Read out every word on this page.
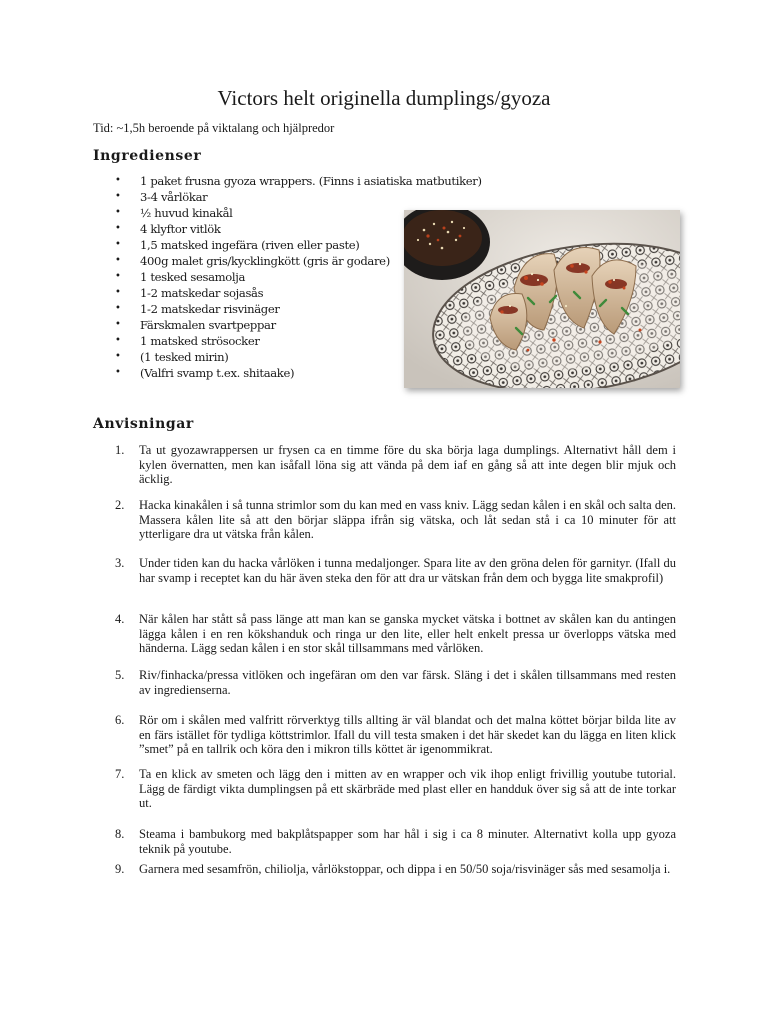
Victors helt originella dumplings/gyoza
Tid: ~1,5h beroende på viktalang och hjälpredor
Ingredienser
• 1 paket frusna gyoza wrappers. (Finns i asiatiska matbutiker)
• 3-4 vårlökar
• ½ huvud kinakål
• 4 klyftor vitlök
• 1,5 matsked ingefära (riven eller paste)
• 400g malet gris/kycklingkött (gris är godare)
• 1 tesked sesamolja
• 1-2 matskedar sojasås
• 1-2 matskedar risvinäger
• Färskmalen svartpeppar
• 1 matsked strösocker
• (1 tesked mirin)
• (Valfri svamp t.ex. shitaake)
Anvisningar
1. Ta ut gyozawrappersen ur frysen ca en timme före du ska börja laga dumplings. Alternativt håll dem i kylen övernatten, men kan isåfall löna sig att vända på dem iaf en gång så att inte degen blir mjuk och äcklig.
2. Hacka kinakålen i så tunna strimlor som du kan med en vass kniv. Lägg sedan kålen i en skål och salta den. Massera kålen lite så att den börjar släppa ifrån sig vätska, och låt sedan stå i ca 10 minuter för att ytterligare dra ut vätska från kålen.
3. Under tiden kan du hacka vårlöken i tunna medaljonger. Spara lite av den gröna delen för garnityr. (Ifall du har svamp i receptet kan du här även steka den för att dra ur vätskan från dem och bygga lite smakprofil)
4. När kålen har stått så pass länge att man kan se ganska mycket vätska i bottnet av skålen kan du antingen lägga kålen i en ren kökshanduk och ringa ur den lite, eller helt enkelt pressa ur överlopps vätska med händerna. Lägg sedan kålen i en stor skål tillsammans med vårlöken.
5. Riv/finhacka/pressa vitlöken och ingefäran om den var färsk. Släng i det i skålen tillsammans med resten av ingredienserna.
6. Rör om i skålen med valfritt rörverktyg tills allting är väl blandat och det malna köttet börjar bilda lite av en färs istället för tydliga köttstrimlor. Ifall du vill testa smaken i det här skedet kan du lägga en liten klick ”smet” på en tallrik och köra den i mikron tills köttet är igenommikrat.
7. Ta en klick av smeten och lägg den i mitten av en wrapper och vik ihop enligt frivillig youtube tutorial. Lägg de färdigt vikta dumplingsen på ett skärbräde med plast eller en handduk över sig så att de inte torkar ut.
8. Steama i bambukorg med bakplåtspapper som har hål i sig i ca 8 minuter. Alternativt kolla upp gyoza teknik på youtube.
9. Garnera med sesamfrön, chiliolja, vårlökstoppar, och dippa i en 50/50 soja/risvinäger sås med sesamolja i.
